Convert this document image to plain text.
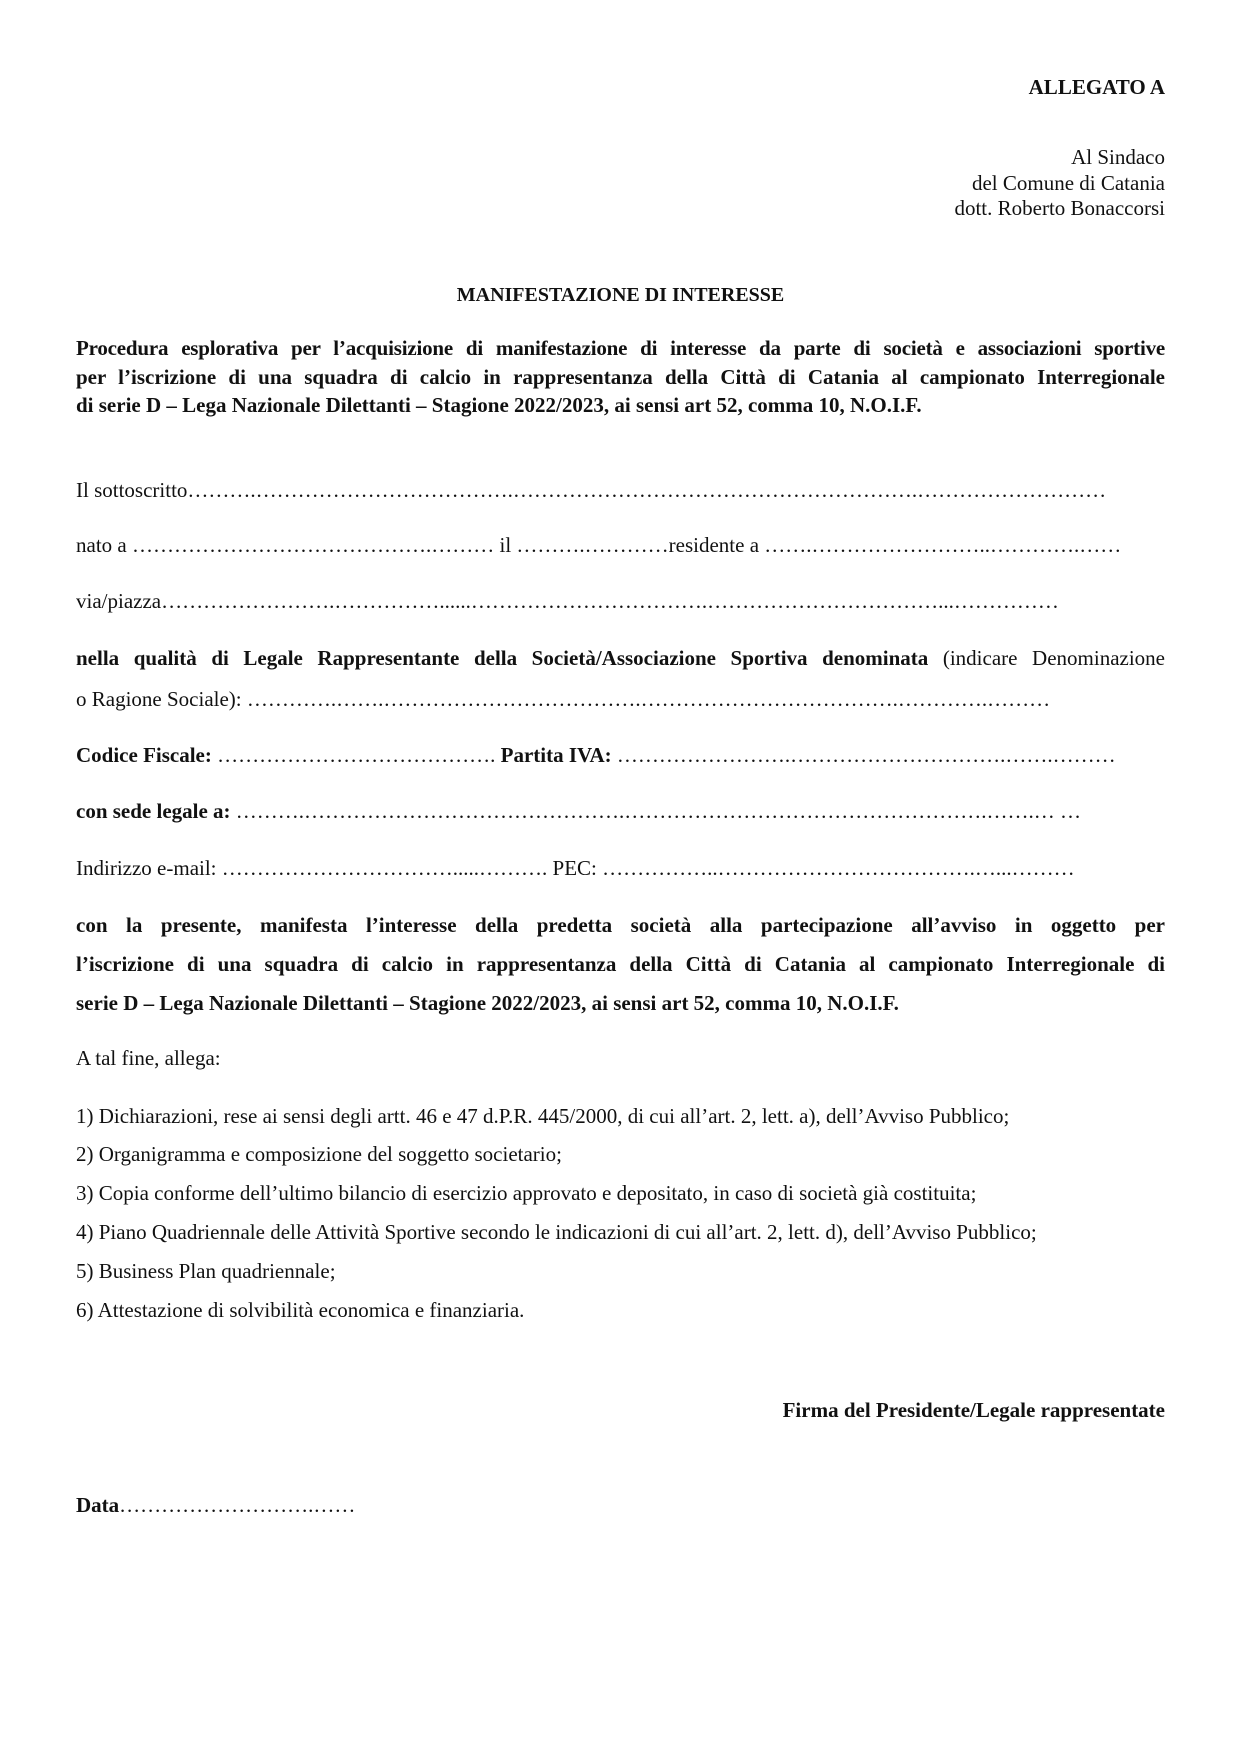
ALLEGATO A
Al Sindaco
del Comune di Catania
dott. Roberto Bonaccorsi
MANIFESTAZIONE DI INTERESSE
Procedura esplorativa per l’acquisizione di manifestazione di interesse da parte di società e associazioni sportive
per l’iscrizione di una squadra di calcio in rappresentanza della Città di Catania al campionato Interregionale
di serie D – Lega Nazionale Dilettanti – Stagione 2022/2023, ai sensi art 52, comma 10, N.O.I.F.
Il sottoscritto ……….……………………………….………………………………………………….………………………
nato a …………………………………….……… il ……….………… residente a …….……………………..………….……
via/piazza …………………….……………......…………………………….……………………………...……………
nella qualità di Legale Rappresentante della Società/Associazione Sportiva denominata (indicare Denominazione
o Ragione Sociale): ………….…….……………………………….……………………………….………….………
Codice Fiscale: …………………………………. Partita IVA: …………………….………………………….…….………
con sede legale a: ……….……………………………………….…………………………………………….…….… …
Indirizzo e-mail: …………………………….....………. PEC: ……………..……………………………….…...………
con la presente, manifesta l’interesse della predetta società alla partecipazione all’avviso in oggetto per
l’iscrizione di una squadra di calcio in rappresentanza della Città di Catania al campionato Interregionale di
serie D – Lega Nazionale Dilettanti – Stagione 2022/2023, ai sensi art 52, comma 10, N.O.I.F.
A tal fine, allega:
1) Dichiarazioni, rese ai sensi degli artt. 46 e 47 d.P.R. 445/2000, di cui all’art. 2, lett. a), dell’Avviso Pubblico;
2) Organigramma e composizione del soggetto societario;
3) Copia conforme dell’ultimo bilancio di esercizio approvato e depositato, in caso di società già costituita;
4) Piano Quadriennale delle Attività Sportive secondo le indicazioni di cui all’art. 2, lett. d), dell’Avviso Pubblico;
5) Business Plan quadriennale;
6) Attestazione di solvibilità economica e finanziaria.
Firma del Presidente/Legale rappresentate
Data ……………………….……
